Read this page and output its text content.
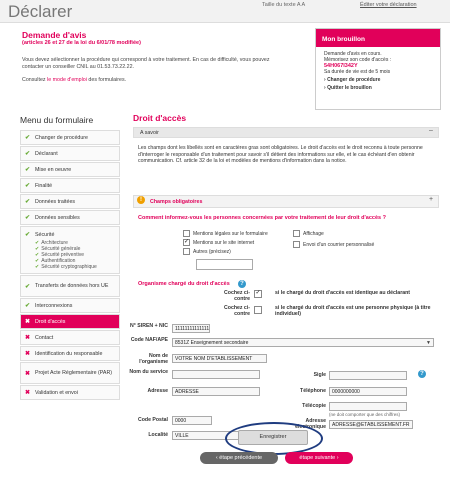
Déclarer	Taille du texte A A	Éditer votre déclaration
Demande d'avis
(articles 26 et 27 de la loi du 6/01/78 modifiée)
Vous devez sélectionner la procédure qui correspond à votre traitement. En cas de difficulté, vous pouvez contacter un conseiller CNIL au 01.53.73.22.22.
Consultez le mode d'emploi des formulaires.
Mon brouillon
Demande d'avis en cours.
Mémorisez son code d'accès :
54H067I342Y
Sa durée de vie est de 5 mois
› Changer de procédure
› Quitter le brouillon
Menu du formulaire
✔ Changer de procédure
✔ Déclarant
✔ Mise en oeuvre
✔ Finalité
✔ Données traitées
✔ Données sensibles
✔ Sécurité
✔ Architecture
✔ Sécurité générale
✔ Sécurité préventive
✔ Authentification
✔ Sécurité cryptographique
✔ Transferts de données hors UE
✔ Interconnexions
✖ Droit d'accès
✖ Contact
✖ Identification du responsable
✖ Projet Acte Réglementaire (PAR)
✖ Validation et envoi
Droit d'accès
A savoir	–
Les champs dont les libellés sont en caractères gras sont obligatoires. Le droit d'accès est le droit reconnu à toute personne d'interroger le responsable d'un traitement pour savoir s'il détient des informations sur elle, et le cas échéant d'en obtenir communication. Cf. article 32 de la loi et modèles de mentions d'information dans la notice.
Champs obligatoires
!	+
Comment informez-vous les personnes concernées par votre traitement de leur droit d'accès ?
Mentions légales sur le formulaire
✓ Mentions sur le site internet
Autres (précisez)
Affichage
Envoi d'un courrier personnalisé
Organisme chargé du droit d'accès	?
Cochez ci-contre
✓	si le chargé du droit d'accès est identique au déclarant
Cochez ci-contre
si le chargé du droit d'accès est une personne physique (à titre individuel)
N° SIREN + NIC	11111111111111
Code NAF/APE 8531Z Enseignement secondaire	▼
Nom de l'organisme	VOTRE NOM D'ETABLISSEMENT
Nom du service	Sigle	?
Adresse	ADRESSE	Téléphone	0000000000
Télécopie
(ne doit comporter que des chiffres)
Code Postal	0000	Adresse électronique	ADRESSE@ETABLISSEMENT.FR
Localité	VILLE	Enregistrer
‹ étape précédente	étape suivante ›
